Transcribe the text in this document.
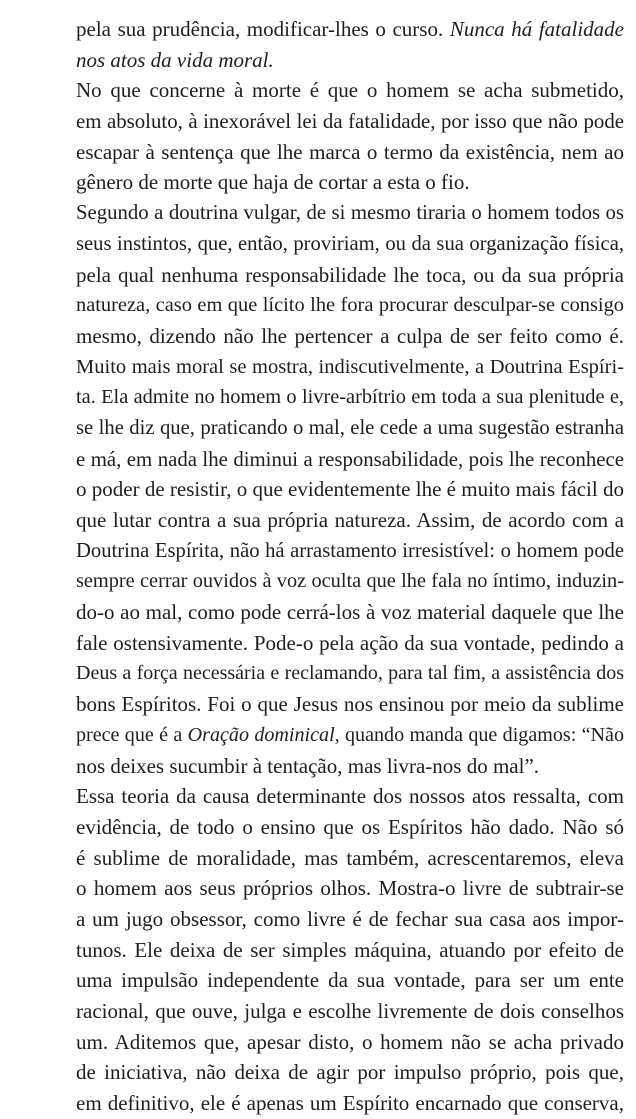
pela sua prudência, modificar-lhes o curso. Nunca há fatalidade
nos atos da vida moral.
No que concerne à morte é que o homem se acha submetido,
em absoluto, à inexorável lei da fatalidade, por isso que não pode
escapar à sentença que lhe marca o termo da existência, nem ao
gênero de morte que haja de cortar a esta o fio.
Segundo a doutrina vulgar, de si mesmo tiraria o homem todos os
seus instintos, que, então, proviriam, ou da sua organização física,
pela qual nenhuma responsabilidade lhe toca, ou da sua própria
natureza, caso em que lícito lhe fora procurar desculpar-se consigo
mesmo, dizendo não lhe pertencer a culpa de ser feito como é.
Muito mais moral se mostra, indiscutivelmente, a Doutrina Espíri-
ta. Ela admite no homem o livre-arbítrio em toda a sua plenitude e,
se lhe diz que, praticando o mal, ele cede a uma sugestão estranha
e má, em nada lhe diminui a responsabilidade, pois lhe reconhece
o poder de resistir, o que evidentemente lhe é muito mais fácil do
que lutar contra a sua própria natureza. Assim, de acordo com a
Doutrina Espírita, não há arrastamento irresistível: o homem pode
sempre cerrar ouvidos à voz oculta que lhe fala no íntimo, induzin-
do-o ao mal, como pode cerrá-los à voz material daquele que lhe
fale ostensivamente. Pode-o pela ação da sua vontade, pedindo a
Deus a força necessária e reclamando, para tal fim, a assistência dos
bons Espíritos. Foi o que Jesus nos ensinou por meio da sublime
prece que é a Oração dominical, quando manda que digamos: “Não
nos deixes sucumbir à tentação, mas livra-nos do mal”.
Essa teoria da causa determinante dos nossos atos ressalta, com
evidência, de todo o ensino que os Espíritos hão dado. Não só
é sublime de moralidade, mas também, acrescentaremos, eleva
o homem aos seus próprios olhos. Mostra-o livre de subtrair-se
a um jugo obsessor, como livre é de fechar sua casa aos impor-
tunos. Ele deixa de ser simples máquina, atuando por efeito de
uma impulsão independente da sua vontade, para ser um ente
racional, que ouve, julga e escolhe livremente de dois conselhos
um. Aditemos que, apesar disto, o homem não se acha privado
de iniciativa, não deixa de agir por impulso próprio, pois que,
em definitivo, ele é apenas um Espírito encarnado que conserva,
